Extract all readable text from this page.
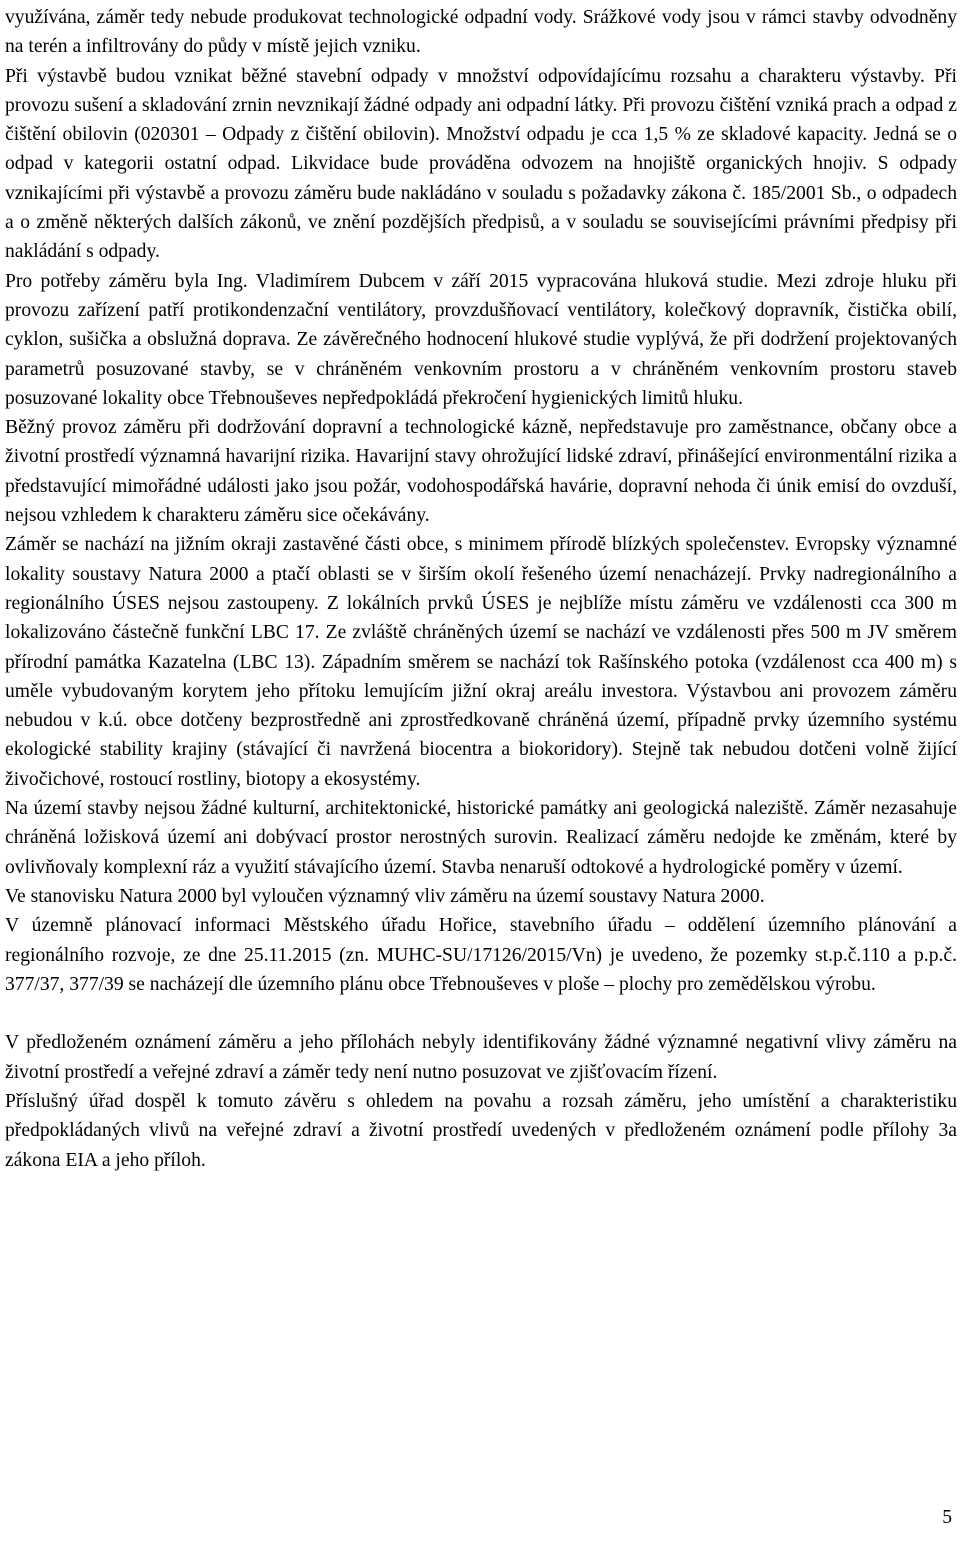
využívána, záměr tedy nebude produkovat technologické odpadní vody. Srážkové vody jsou v rámci stavby odvodněny na terén a infiltrovány do půdy v místě jejich vzniku.

Při výstavbě budou vznikat běžné stavební odpady v množství odpovídajícímu rozsahu a charakteru výstavby. Při provozu sušení a skladování zrnin nevznikají žádné odpady ani odpadní látky. Při provozu čištění vzniká prach a odpad z čištění obilovin (020301 – Odpady z čištění obilovin). Množství odpadu je cca 1,5 % ze skladové kapacity. Jedná se o odpad v kategorii ostatní odpad. Likvidace bude prováděna odvozem na hnojiště organických hnojiv. S odpady vznikajícími při výstavbě a provozu záměru bude nakládáno v souladu s požadavky zákona č. 185/2001 Sb., o odpadech a o změně některých dalších zákonů, ve znění pozdějších předpisů, a v souladu se souvisejícími právními předpisy při nakládání s odpady.

Pro potřeby záměru byla Ing. Vladimírem Dubcem v září 2015 vypracována hluková studie. Mezi zdroje hluku při provozu zařízení patří protikondenzační ventilátory, provzdušňovací ventilátory, kolečkový dopravník, čistička obilí, cyklon, sušička a obslužná doprava. Ze závěrečného hodnocení hlukové studie vyplývá, že při dodržení projektovaných parametrů posuzované stavby, se v chráněném venkovním prostoru a v chráněném venkovním prostoru staveb posuzované lokality obce Třebnouševes nepředpokládá překročení hygienických limitů hluku.

Běžný provoz záměru při dodržování dopravní a technologické kázně, nepředstavuje pro zaměstnance, občany obce a životní prostředí významná havarijní rizika. Havarijní stavy ohrožující lidské zdraví, přinášející environmentální rizika a představující mimořádné události jako jsou požár, vodohospodářská havárie, dopravní nehoda či únik emisí do ovzduší, nejsou vzhledem k charakteru záměru sice očekávány.

Záměr se nachází na jižním okraji zastavěné části obce, s minimem přírodě blízkých společenstev. Evropsky významné lokality soustavy Natura 2000 a ptačí oblasti se v širším okolí řešeného území nenacházejí. Prvky nadregionálního a regionálního ÚSES nejsou zastoupeny. Z lokálních prvků ÚSES je nejblíže místu záměru ve vzdálenosti cca 300 m lokalizováno částečně funkční LBC 17. Ze zvláště chráněných území se nachází ve vzdálenosti přes 500 m JV směrem přírodní památka Kazatelna (LBC 13). Západním směrem se nachází tok Rašínského potoka (vzdálenost cca 400 m) s uměle vybudovaným korytem jeho přítoku lemujícím jižní okraj areálu investora. Výstavbou ani provozem záměru nebudou v k.ú. obce dotčeny bezprostředně ani zprostředkovaně chráněná území, případně prvky územního systému ekologické stability krajiny (stávající či navržená biocentra a biokoridory). Stejně tak nebudou dotčeni volně žijící živočichové, rostoucí rostliny, biotopy a ekosystémy.

Na území stavby nejsou žádné kulturní, architektonické, historické památky ani geologická naleziště. Záměr nezasahuje chráněná ložisková území ani dobývací prostor nerostných surovin. Realizací záměru nedojde ke změnám, které by ovlivňovaly komplexní ráz a využití stávajícího území. Stavba nenaruší odtokové a hydrologické poměry v území.

Ve stanovisku Natura 2000 byl vyloučen významný vliv záměru na území soustavy Natura 2000.

V územně plánovací informaci Městského úřadu Hořice, stavebního úřadu – oddělení územního plánování a regionálního rozvoje, ze dne 25.11.2015 (zn. MUHC-SU/17126/2015/Vn) je uvedeno, že pozemky st.p.č.110 a p.p.č. 377/37, 377/39 se nacházejí dle územního plánu obce Třebnouševes v ploše – plochy pro zemědělskou výrobu.

V předloženém oznámení záměru a jeho přílohách nebyly identifikovány žádné významné negativní vlivy záměru na životní prostředí a veřejné zdraví a záměr tedy není nutno posuzovat ve zjišťovacím řízení.

Příslušný úřad dospěl k tomuto závěru s ohledem na povahu a rozsah záměru, jeho umístění a charakteristiku předpokládaných vlivů na veřejné zdraví a životní prostředí uvedených v předloženém oznámení podle přílohy 3a zákona EIA a jeho příloh.

5
